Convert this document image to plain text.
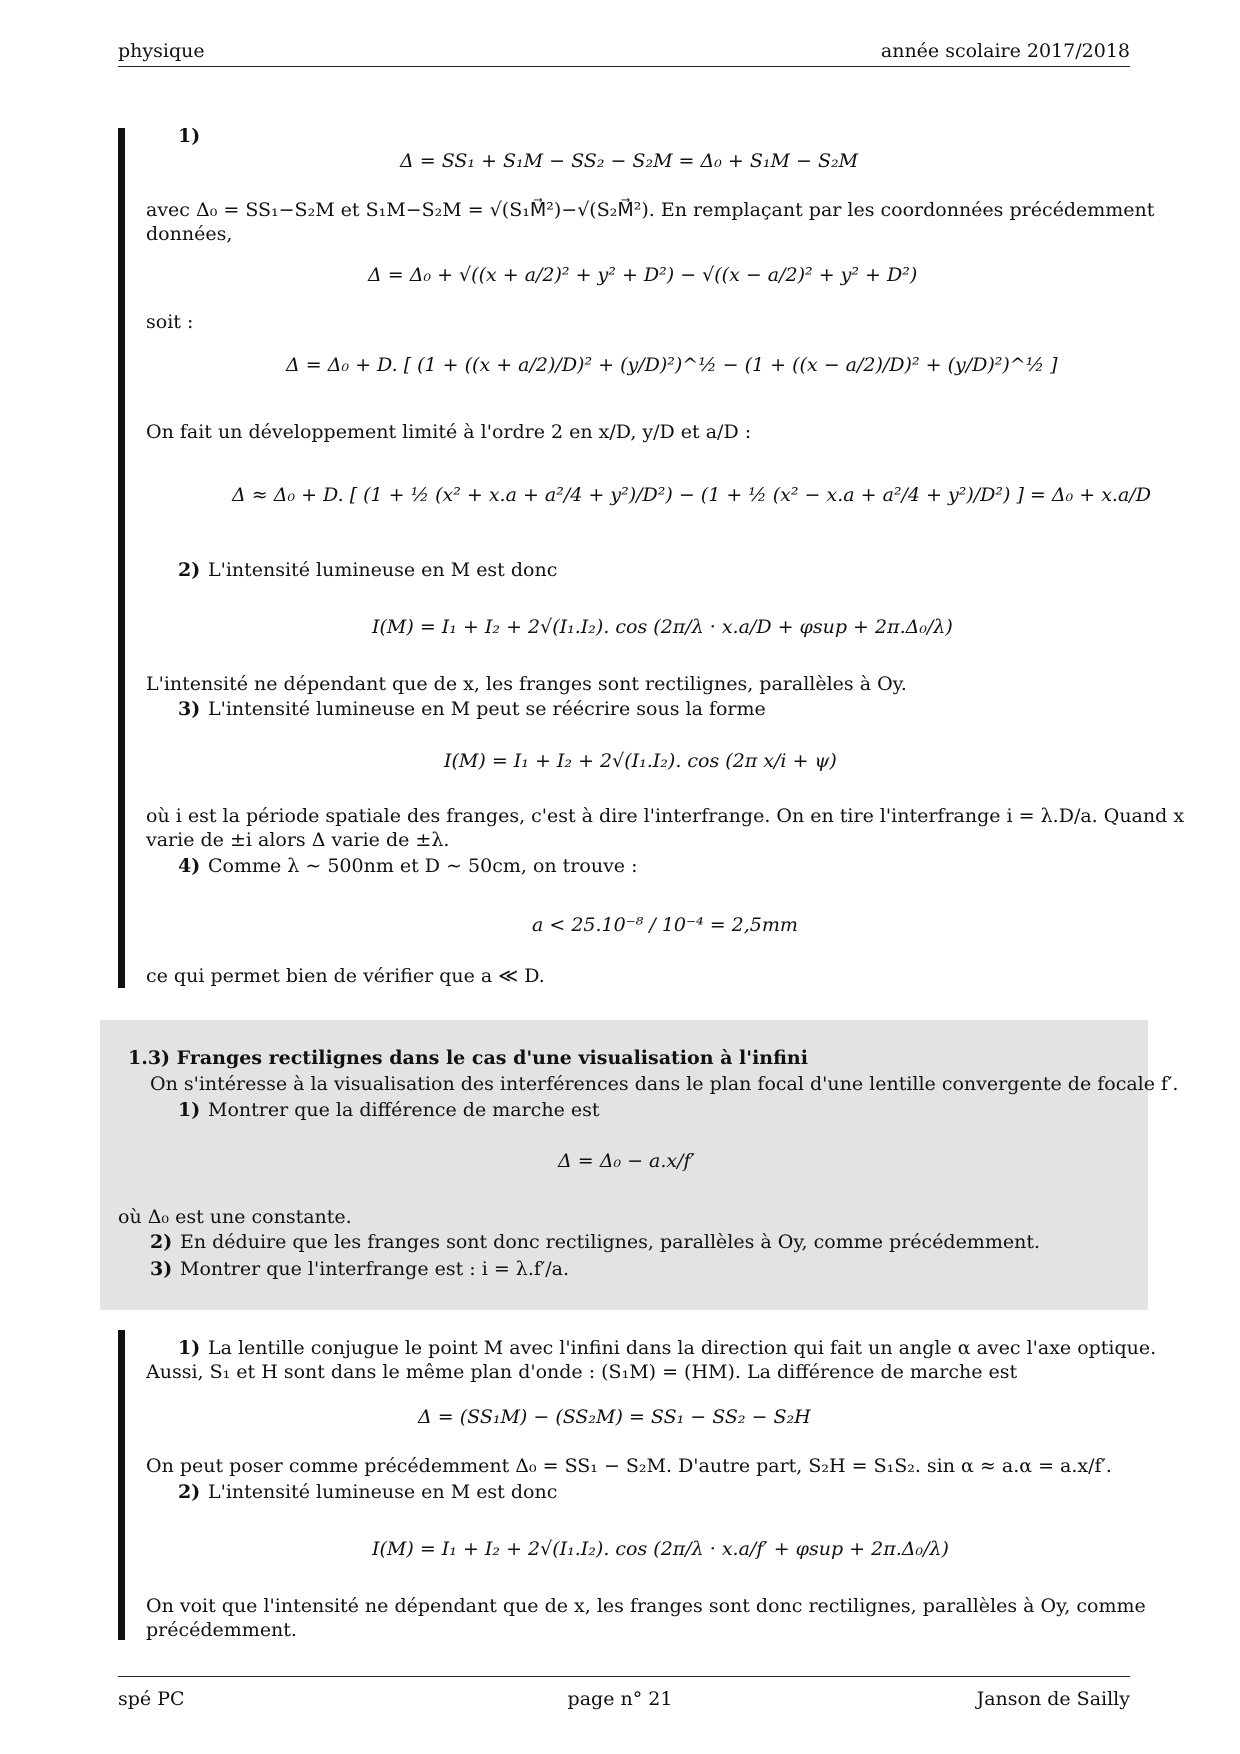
physique	année scolaire 2017/2018
1)
Δ = SS₁ + S₁M − SS₂ − S₂M = Δ₀ + S₁M − S₂M
avec Δ₀ = SS₁−S₂M et S₁M−S₂M = √(S₁M⃗²)−√(S₂M⃗²). En remplaçant par les coordonnées précédemment
données,
Δ = Δ₀ + √((x + a/2)² + y² + D²) − √((x − a/2)² + y² + D²)
soit :
Δ = Δ₀ + D. [ (1 + ((x + a/2)/D)² + (y/D)²)^½ − (1 + ((x − a/2)/D)² + (y/D)²)^½ ]
On fait un développement limité à l'ordre 2 en x/D, y/D et a/D :
Δ ≈ Δ₀ + D. [ (1 + ½ (x² + x.a + a²/4 + y²)/D²) − (1 + ½ (x² − x.a + a²/4 + y²)/D²) ] = Δ₀ + x.a/D
2) L'intensité lumineuse en M est donc
I(M) = I₁ + I₂ + 2√(I₁.I₂). cos (2π/λ · x.a/D + φsup + 2π.Δ₀/λ)
L'intensité ne dépendant que de x, les franges sont rectilignes, parallèles à Oy.
3) L'intensité lumineuse en M peut se réécrire sous la forme
I(M) = I₁ + I₂ + 2√(I₁.I₂). cos (2π x/i + ψ)
où i est la période spatiale des franges, c'est à dire l'interfrange. On en tire l'interfrange i = λ.D/a. Quand x
varie de ±i alors Δ varie de ±λ.
4) Comme λ ∼ 500nm et D ∼ 50cm, on trouve :
a < 25.10⁻⁸ / 10⁻⁴ = 2,5mm
ce qui permet bien de vérifier que a ≪ D.
1.3) Franges rectilignes dans le cas d'une visualisation à l'infini
On s'intéresse à la visualisation des interférences dans le plan focal d'une lentille convergente de focale f′.
1) Montrer que la différence de marche est
Δ = Δ₀ − a.x/f′
où Δ₀ est une constante.
2) En déduire que les franges sont donc rectilignes, parallèles à Oy, comme précédemment.
3) Montrer que l'interfrange est : i = λ.f′/a.
1) La lentille conjugue le point M avec l'infini dans la direction qui fait un angle α avec l'axe optique.
Aussi, S₁ et H sont dans le même plan d'onde : (S₁M) = (HM). La différence de marche est
Δ = (SS₁M) − (SS₂M) = SS₁ − SS₂ − S₂H
On peut poser comme précédemment Δ₀ = SS₁ − S₂M. D'autre part, S₂H = S₁S₂. sin α ≈ a.α = a.x/f′.
2) L'intensité lumineuse en M est donc
I(M) = I₁ + I₂ + 2√(I₁.I₂). cos (2π/λ · x.a/f′ + φsup + 2π.Δ₀/λ)
On voit que l'intensité ne dépendant que de x, les franges sont donc rectilignes, parallèles à Oy, comme
précédemment.
spé PC	page n° 21	Janson de Sailly
